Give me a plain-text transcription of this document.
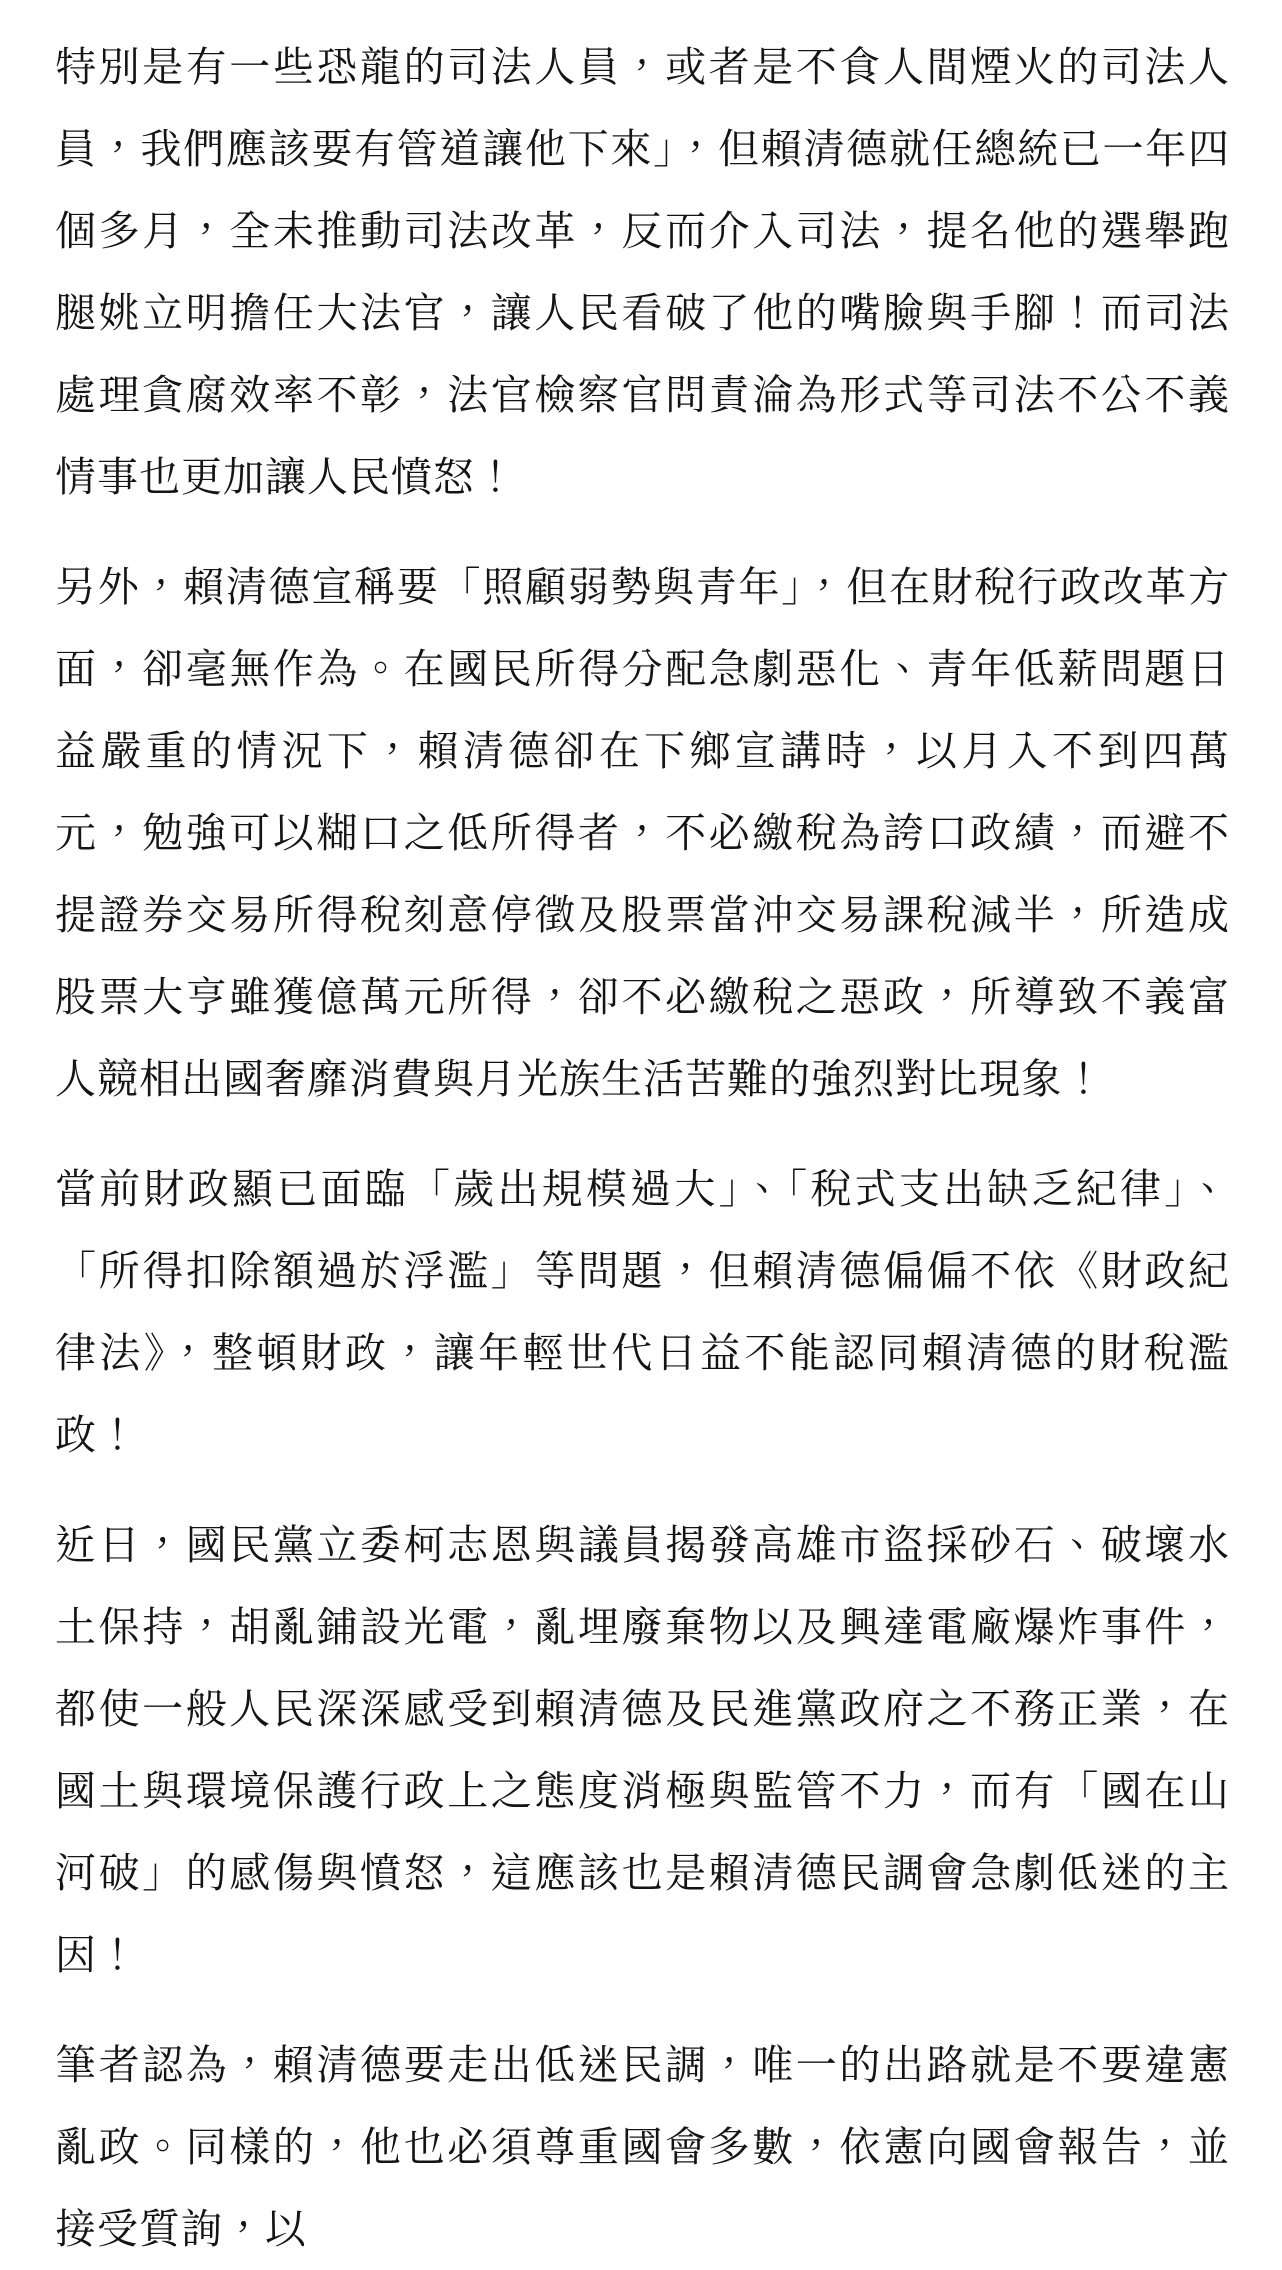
特別是有一些恐龍的司法人員，或者是不食人間煙火的司法人員，我們應該要有管道讓他下來」，但賴清德就任總統已一年四個多月，全未推動司法改革，反而介入司法，提名他的選舉跑腿姚立明擔任大法官，讓人民看破了他的嘴臉與手腳！而司法處理貪腐效率不彰，法官檢察官問責淪為形式等司法不公不義情事也更加讓人民憤怒！

另外，賴清德宣稱要「照顧弱勢與青年」，但在財稅行政改革方面，卻毫無作為。在國民所得分配急劇惡化、青年低薪問題日益嚴重的情況下，賴清德卻在下鄉宣講時，以月入不到四萬元，勉強可以糊口之低所得者，不必繳稅為誇口政績，而避不提證券交易所得稅刻意停徵及股票當沖交易課稅減半，所造成股票大亨雖獲億萬元所得，卻不必繳稅之惡政，所導致不義富人競相出國奢靡消費與月光族生活苦難的強烈對比現象！

當前財政顯已面臨「歲出規模過大」、「稅式支出缺乏紀律」、「所得扣除額過於浮濫」等問題，但賴清德偏偏不依《財政紀律法》，整頓財政，讓年輕世代日益不能認同賴清德的財稅濫政！

近日，國民黨立委柯志恩與議員揭發高雄市盜採砂石、破壞水土保持，胡亂鋪設光電，亂埋廢棄物以及興達電廠爆炸事件，都使一般人民深深感受到賴清德及民進黨政府之不務正業，在國土與環境保護行政上之態度消極與監管不力，而有「國在山河破」的感傷與憤怒，這應該也是賴清德民調會急劇低迷的主因！

筆者認為，賴清德要走出低迷民調，唯一的出路就是不要違憲亂政。同樣的，他也必須尊重國會多數，依憲向國會報告，並接受質詢，以
